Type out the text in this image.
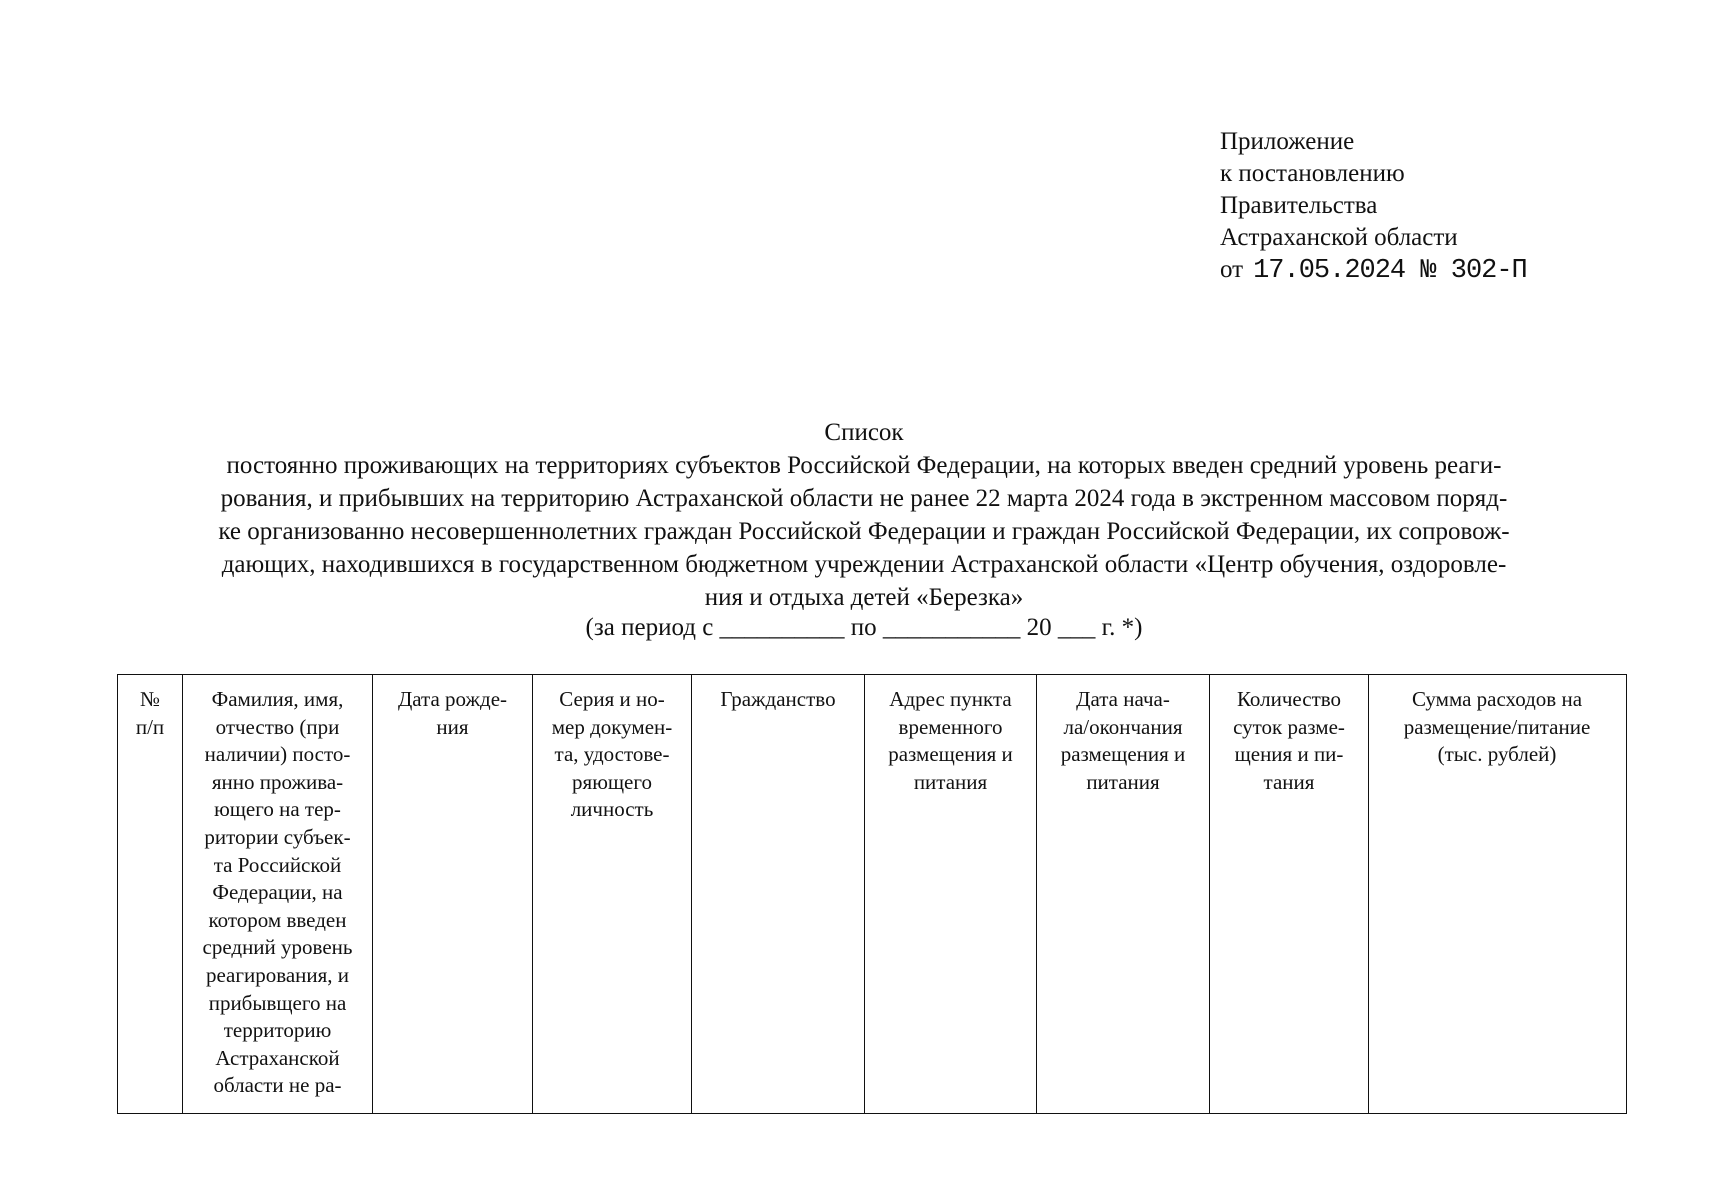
Приложение
к постановлению
Правительства
Астраханской области
от 17.05.2024 № 302-П
Список
постоянно проживающих на территориях субъектов Российской Федерации, на которых введен средний уровень реаги-
рования, и прибывших на территорию Астраханской области не ранее 22 марта 2024 года в экстренном массовом поряд-
ке организованно несовершеннолетних граждан Российской Федерации и граждан Российской Федерации, их сопровож-
дающих, находившихся в государственном бюджетном учреждении Астраханской области «Центр обучения, оздоровле-
ния и отдыха детей «Березка»
(за период с __________ по ___________ 20 ___ г. *)
№
п/п
Фамилия, имя,
отчество (при
наличии) посто-
янно прожива-
ющего на тер-
ритории субъек-
та Российской
Федерации, на
котором введен
средний уровень
реагирования, и
прибывщего на
территорию
Астраханской
области не ра-
Дата рожде-
ния
Серия и но-
мер докумен-
та, удостове-
ряющего
личность
Гражданство	Адрес пункта
временного
размещения и
питания
Дата нача-
ла/окончания
размещения и
питания
Количество
суток разме-
щения и пи-
тания
Сумма расходов на
размещение/питание
(тыс. рублей)
